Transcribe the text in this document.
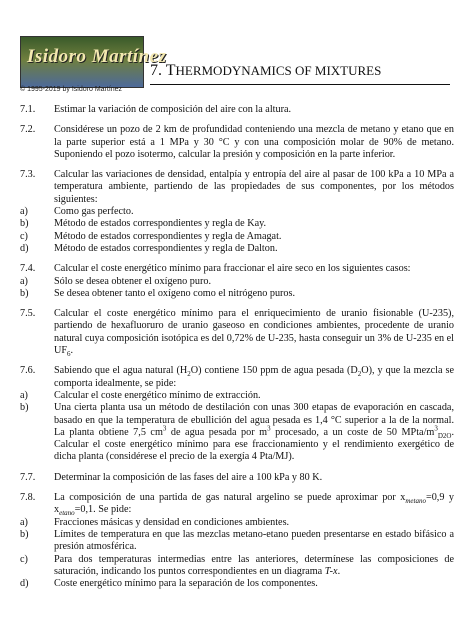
Isidoro Martínez
© 1995-2019 by Isidoro Martínez
7. THERMODYNAMICS OF MIXTURES
7.1. Estimar la variación de composición del aire con la altura.
7.2. Considérese un pozo de 2 km de profundidad conteniendo una mezcla de metano y etano que en la parte superior está a 1 MPa y 30 °C y con una composición molar de 90% de metano. Suponiendo el pozo isotermo, calcular la presión y composición en la parte inferior.
7.3. Calcular las variaciones de densidad, entalpía y entropía del aire al pasar de 100 kPa a 10 MPa a temperatura ambiente, partiendo de las propiedades de sus componentes, por los métodos siguientes:
a)	Como gas perfecto.
b)	Método de estados correspondientes y regla de Kay.
c)	Método de estados correspondientes y regla de Amagat.
d)	Método de estados correspondientes y regla de Dalton.
7.4. Calcular el coste energético mínimo para fraccionar el aire seco en los siguientes casos:
a)	Sólo se desea obtener el oxígeno puro.
b)	Se desea obtener tanto el oxígeno como el nitrógeno puros.
7.5. Calcular el coste energético mínimo para el enriquecimiento de uranio fisionable (U-235), partiendo de hexafluoruro de uranio gaseoso en condiciones ambientes, procedente de uranio natural cuya composición isotópica es del 0,72% de U-235, hasta conseguir un 3% de U-235 en el $UF_6$.
7.6. Sabiendo que el agua natural $(H_2O)$ contiene 150 ppm de agua pesada $(D_2O)$, y que la mezcla se comporta idealmente, se pide:
a)	Calcular el coste energético mínimo de extracción.
b)	Una cierta planta usa un método de destilación con unas 300 etapas de evaporación en cascada, basado en que la temperatura de ebullición del agua pesada es 1,4 °C superior a la de la normal. La planta obtiene 7,5 $cm^3$ de agua pesada por $m^3$ procesado, a un coste de 50 MPta/$m^3_{D2O}$. Calcular el coste energético mínimo para ese fraccionamiento y el rendimiento exergético de dicha planta (considérese el precio de la exergía 4 Pta/MJ).
7.7. Determinar la composición de las fases del aire a 100 kPa y 80 K.
7.8. La composición de una partida de gas natural argelino se puede aproximar por $x_{metano}=0,9$ y $x_{etano}=0,1$. Se pide:
a)	Fracciones másicas y densidad en condiciones ambientes.
b)	Límites de temperatura en que las mezclas metano-etano pueden presentarse en estado bifásico a presión atmosférica.
c)	Para dos temperaturas intermedias entre las anteriores, determínese las composiciones de saturación, indicando los puntos correspondientes en un diagrama T-x.
d)	Coste energético mínimo para la separación de los componentes.
